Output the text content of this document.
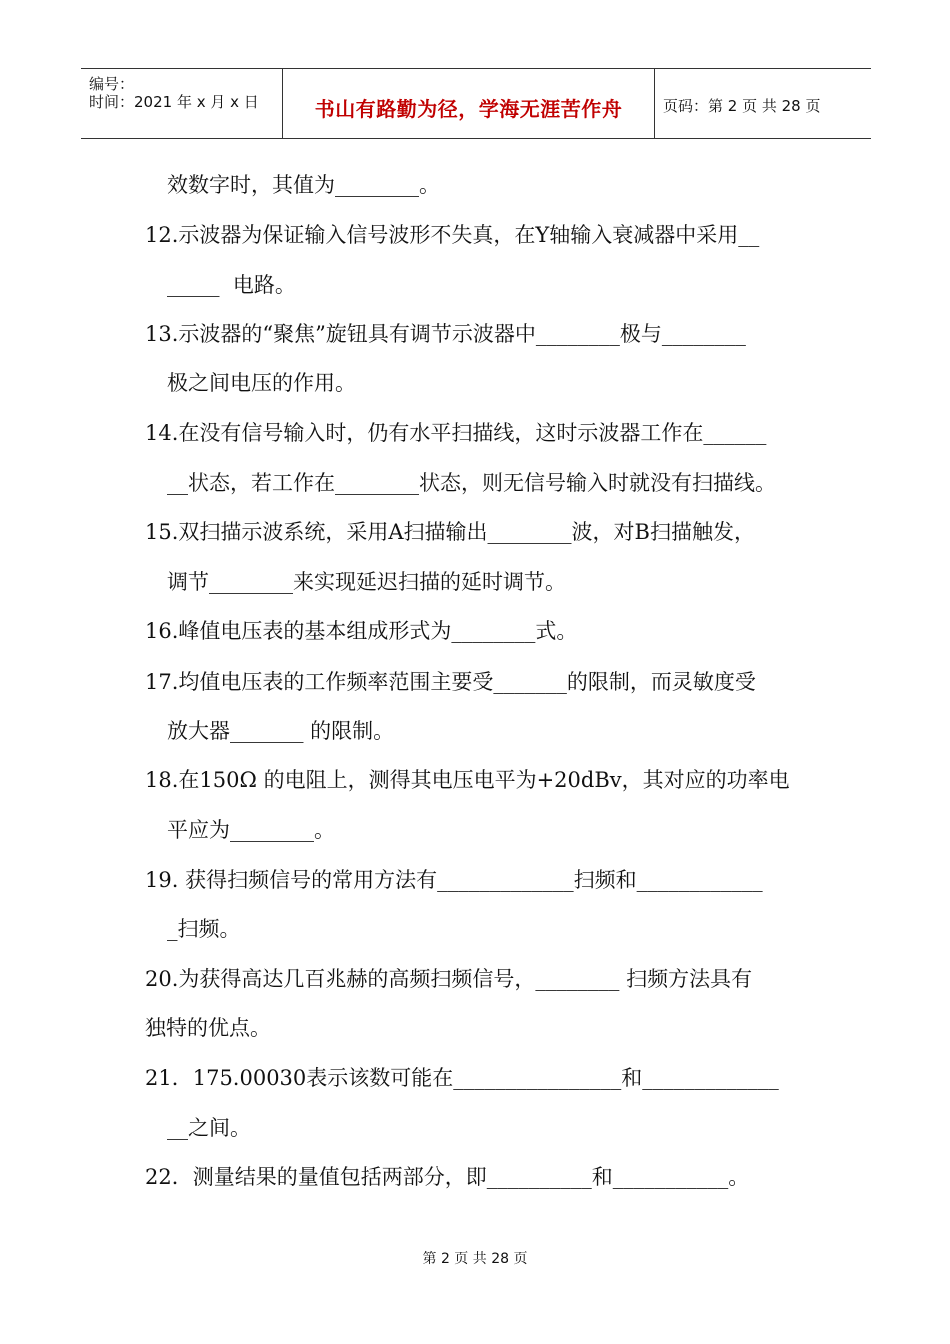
编号：
时间：2021 年 x 月 x 日	书山有路勤为径，学海无涯苦作舟	页码：第 2 页 共 28 页
效数字时，其值为________。
12.示波器为保证输入信号波形不失真，在Y轴输入衰减器中采用__
_____  电路。
13.示波器的“聚焦”旋钮具有调节示波器中________极与________
极之间电压的作用。
14.在没有信号输入时，仍有水平扫描线，这时示波器工作在______
__状态，若工作在________状态，则无信号输入时就没有扫描线。
15.双扫描示波系统，采用A扫描输出________波，对B扫描触发，
调节________来实现延迟扫描的延时调节。
16.峰值电压表的基本组成形式为________式。
17.均值电压表的工作频率范围主要受_______的限制，而灵敏度受
放大器_______ 的限制。
18.在150Ω 的电阻上，测得其电压电平为+20dBv，其对应的功率电
平应为________。
19. 获得扫频信号的常用方法有_____________扫频和____________
_扫频。
20.为获得高达几百兆赫的高频扫频信号，________ 扫频方法具有
独特的优点。
21．175.00030表示该数可能在________________和_____________
__之间。
22．测量结果的量值包括两部分，即__________和___________。
第 2 页 共 28 页
